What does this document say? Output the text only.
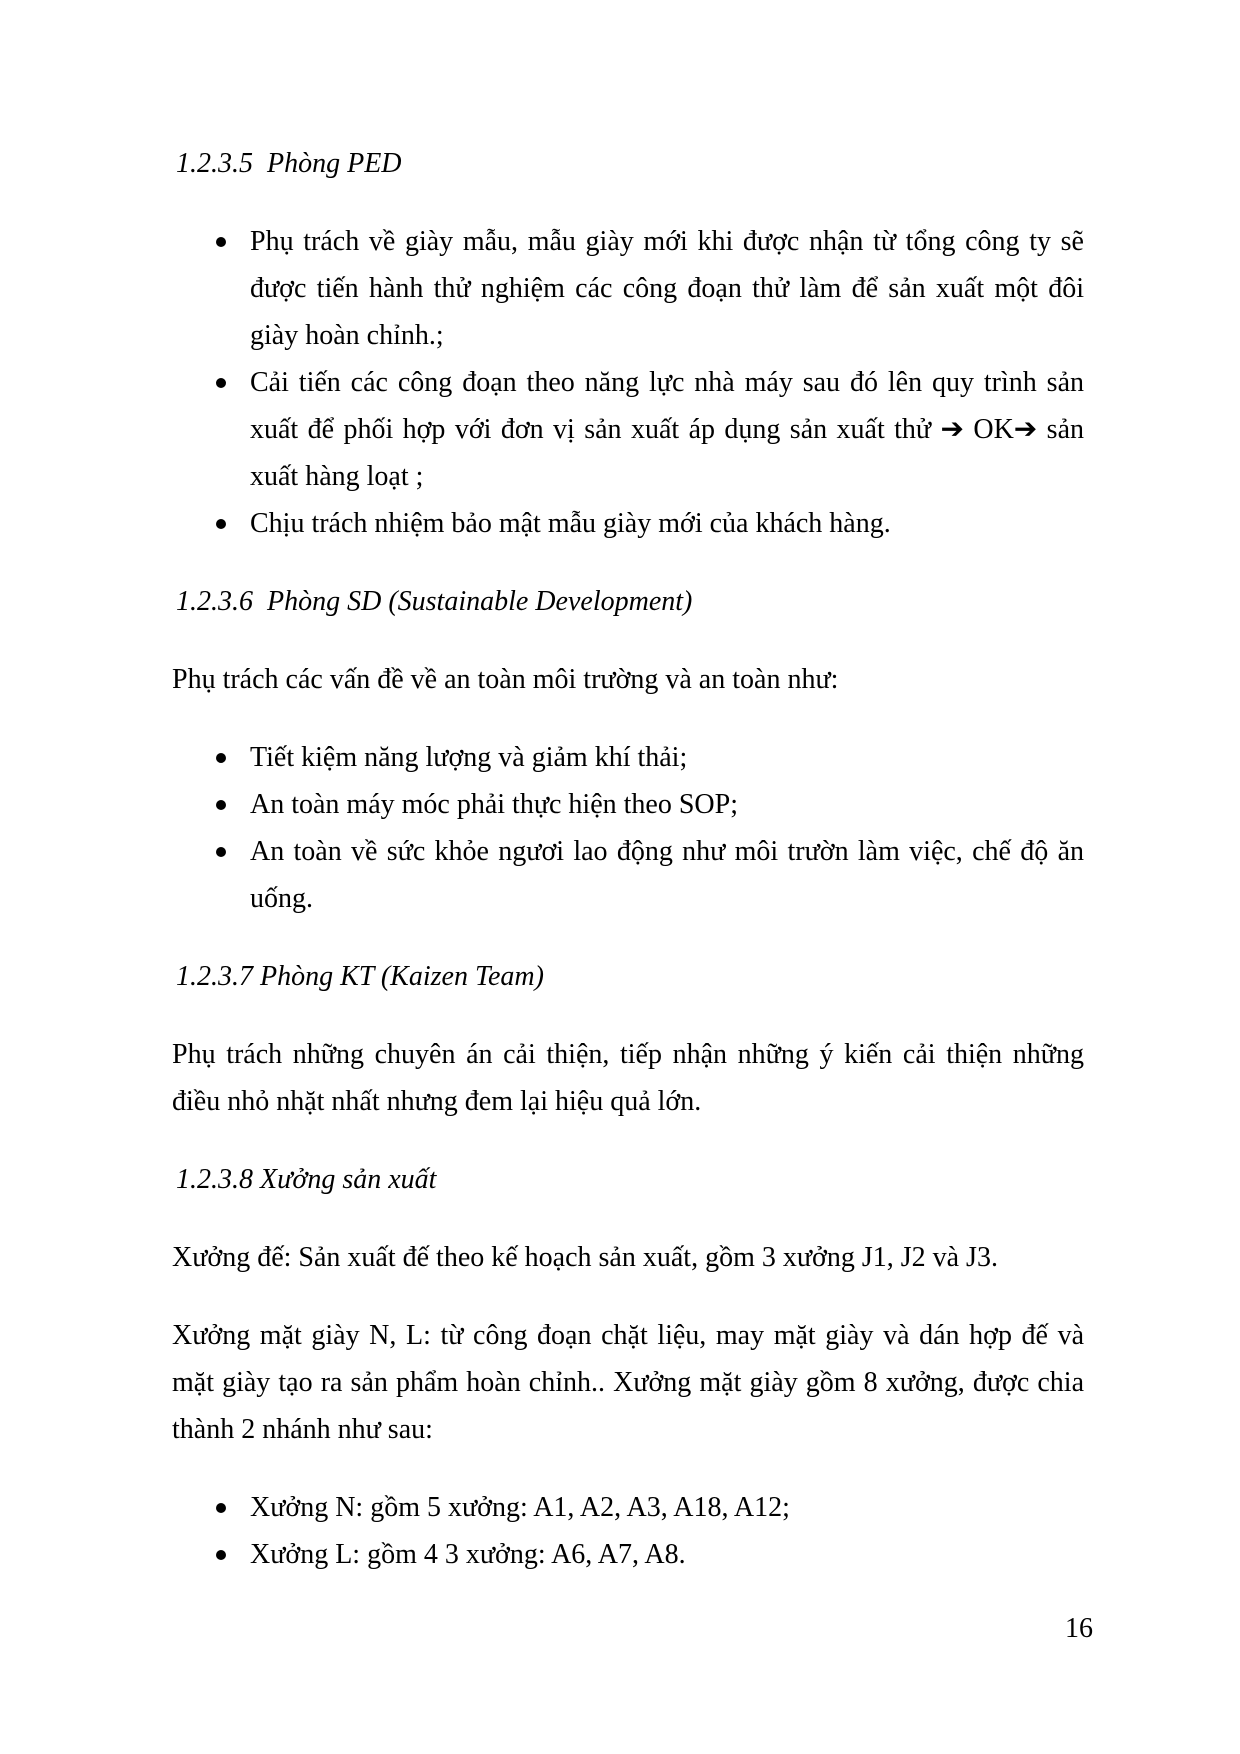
1.2.3.5  Phòng PED
Phụ trách về giày mẫu, mẫu giày mới khi được nhận từ tổng công ty sẽ được tiến hành thử nghiệm các công đoạn thử làm để sản xuất một đôi giày hoàn chỉnh.;
Cải tiến các công đoạn theo năng lực nhà máy sau đó lên quy trình sản xuất để phối hợp với đơn vị sản xuất áp dụng sản xuất thử ➔ OK➔ sản xuất hàng loạt ;
Chịu trách nhiệm bảo mật mẫu giày mới của khách hàng.
1.2.3.6  Phòng SD (Sustainable Development)

Phụ trách các vấn đề về an toàn môi trường và an toàn như:

Tiết kiệm năng lượng và giảm khí thải;
An toàn máy móc phải thực hiện theo SOP;
An toàn về sức khỏe ngươi lao động như môi trườn làm việc, chế độ ăn uống.
1.2.3.7 Phòng KT (Kaizen Team)

Phụ trách những chuyên án cải thiện, tiếp nhận những ý kiến cải thiện những điều nhỏ nhặt nhất nhưng đem lại hiệu quả lớn.

1.2.3.8 Xưởng sản xuất

Xưởng đế: Sản xuất đế theo kế hoạch sản xuất, gồm 3 xưởng J1, J2 và J3.

Xưởng mặt giày N, L: từ công đoạn chặt liệu, may mặt giày và dán hợp đế và mặt giày tạo ra sản phẩm hoàn chỉnh.. Xưởng mặt giày gồm 8 xưởng, được chia thành 2 nhánh như sau:

Xưởng N: gồm 5 xưởng: A1, A2, A3, A18, A12;
Xưởng L: gồm 4 3 xưởng: A6, A7, A8.
16
